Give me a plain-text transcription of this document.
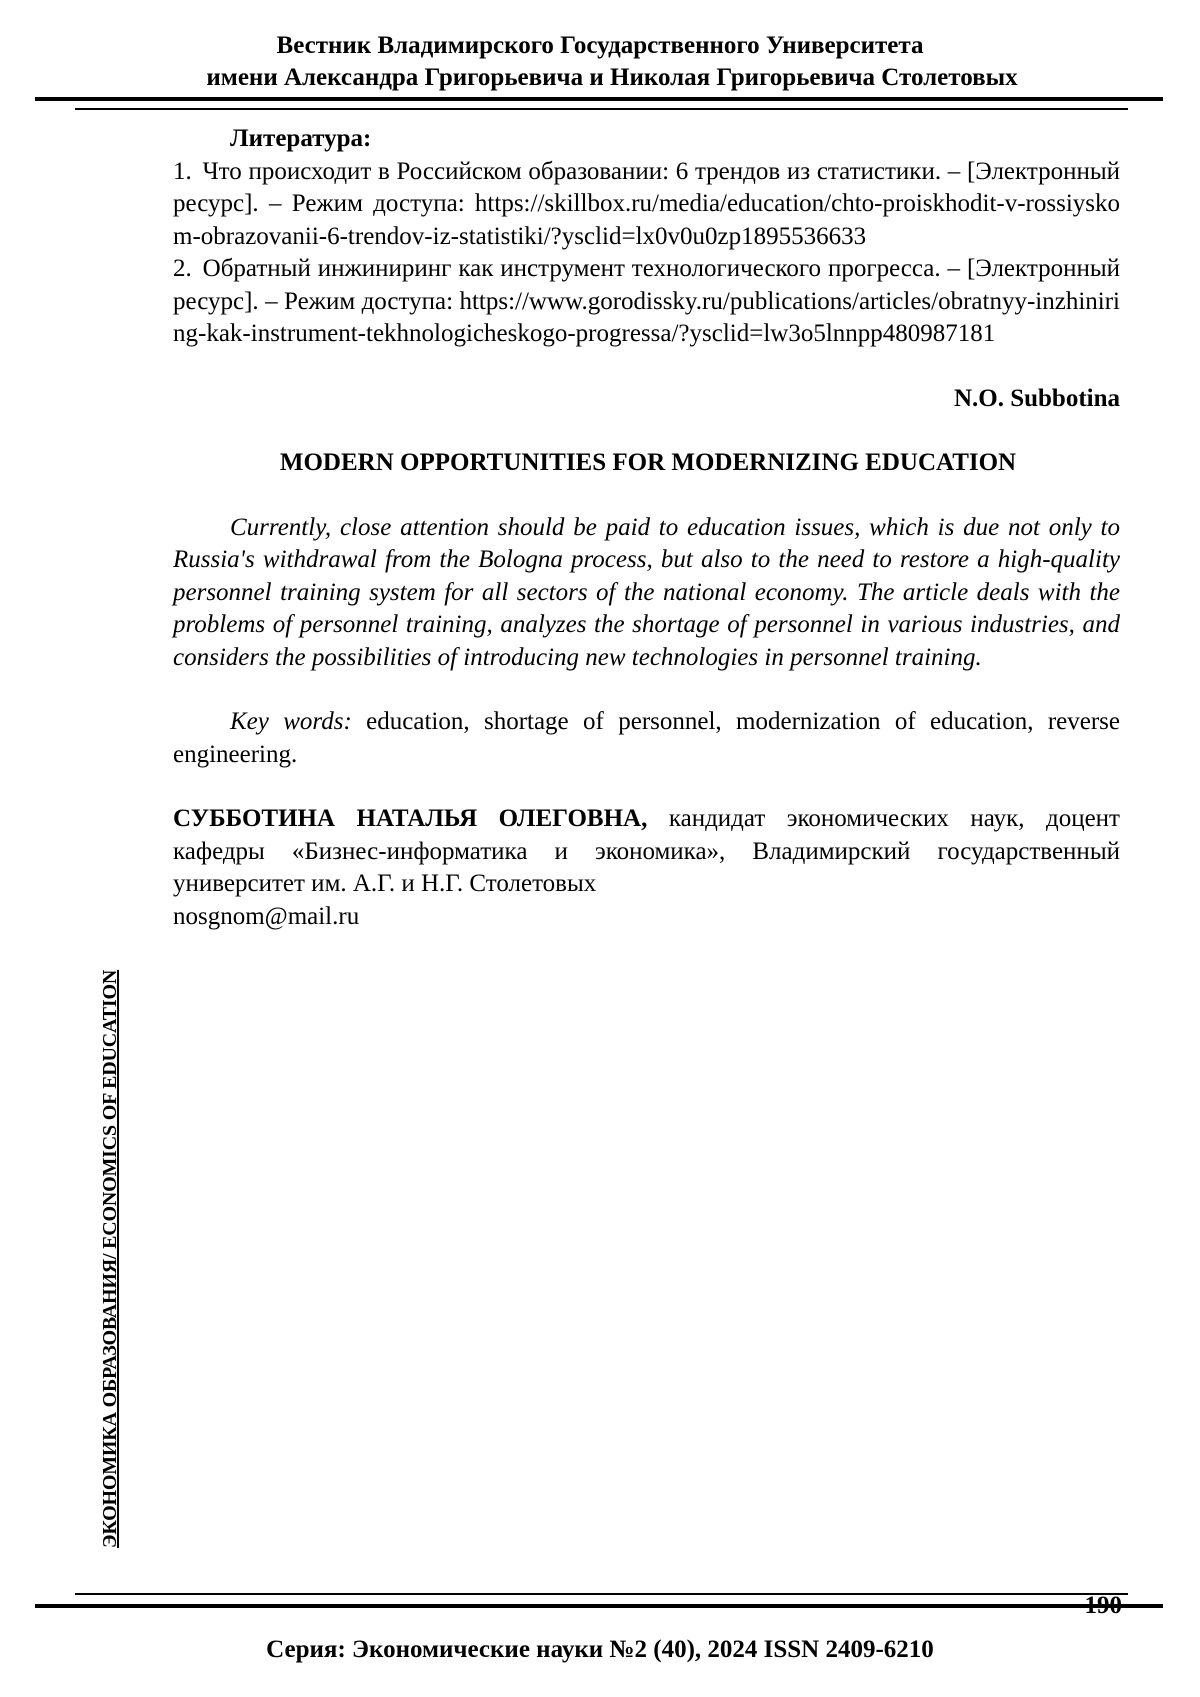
Вестник Владимирского Государственного Университета
имени Александра Григорьевича и Николая Григорьевича Столетовых
Литература:
1. Что происходит в Российском образовании: 6 трендов из статистики. – [Электронный ресурс]. – Режим доступа: https://skillbox.ru/media/education/chto-proiskhodit-v-rossiyskom-obrazovanii-6-trendov-iz-statistiki/?ysclid=lx0v0u0zp1895536633
2. Обратный инжиниринг как инструмент технологического прогресса. – [Электронный ресурс]. – Режим доступа: https://www.gorodissky.ru/publications/articles/obratnyy-inzhiniring-kak-instrument-tekhnologicheskogo-progressa/?ysclid=lw3o5lnnpp480987181
N.O. Subbotina
MODERN OPPORTUNITIES FOR MODERNIZING EDUCATION
Currently, close attention should be paid to education issues, which is due not only to Russia's withdrawal from the Bologna process, but also to the need to restore a high-quality personnel training system for all sectors of the national economy. The article deals with the problems of personnel training, analyzes the shortage of personnel in various industries, and considers the possibilities of introducing new technologies in personnel training.
Key words: education, shortage of personnel, modernization of education, reverse engineering.
СУББОТИНА НАТАЛЬЯ ОЛЕГОВНА, кандидат экономических наук, доцент кафедры «Бизнес-информатика и экономика», Владимирский государственный университет им. А.Г. и Н.Г. Столетовых
nosgnom@mail.ru
ЭКОНОМИКА ОБРАЗОВАНИЯ/ ECONOMICS OF EDUCATION
190
Серия: Экономические науки №2 (40), 2024 ISSN 2409-6210
